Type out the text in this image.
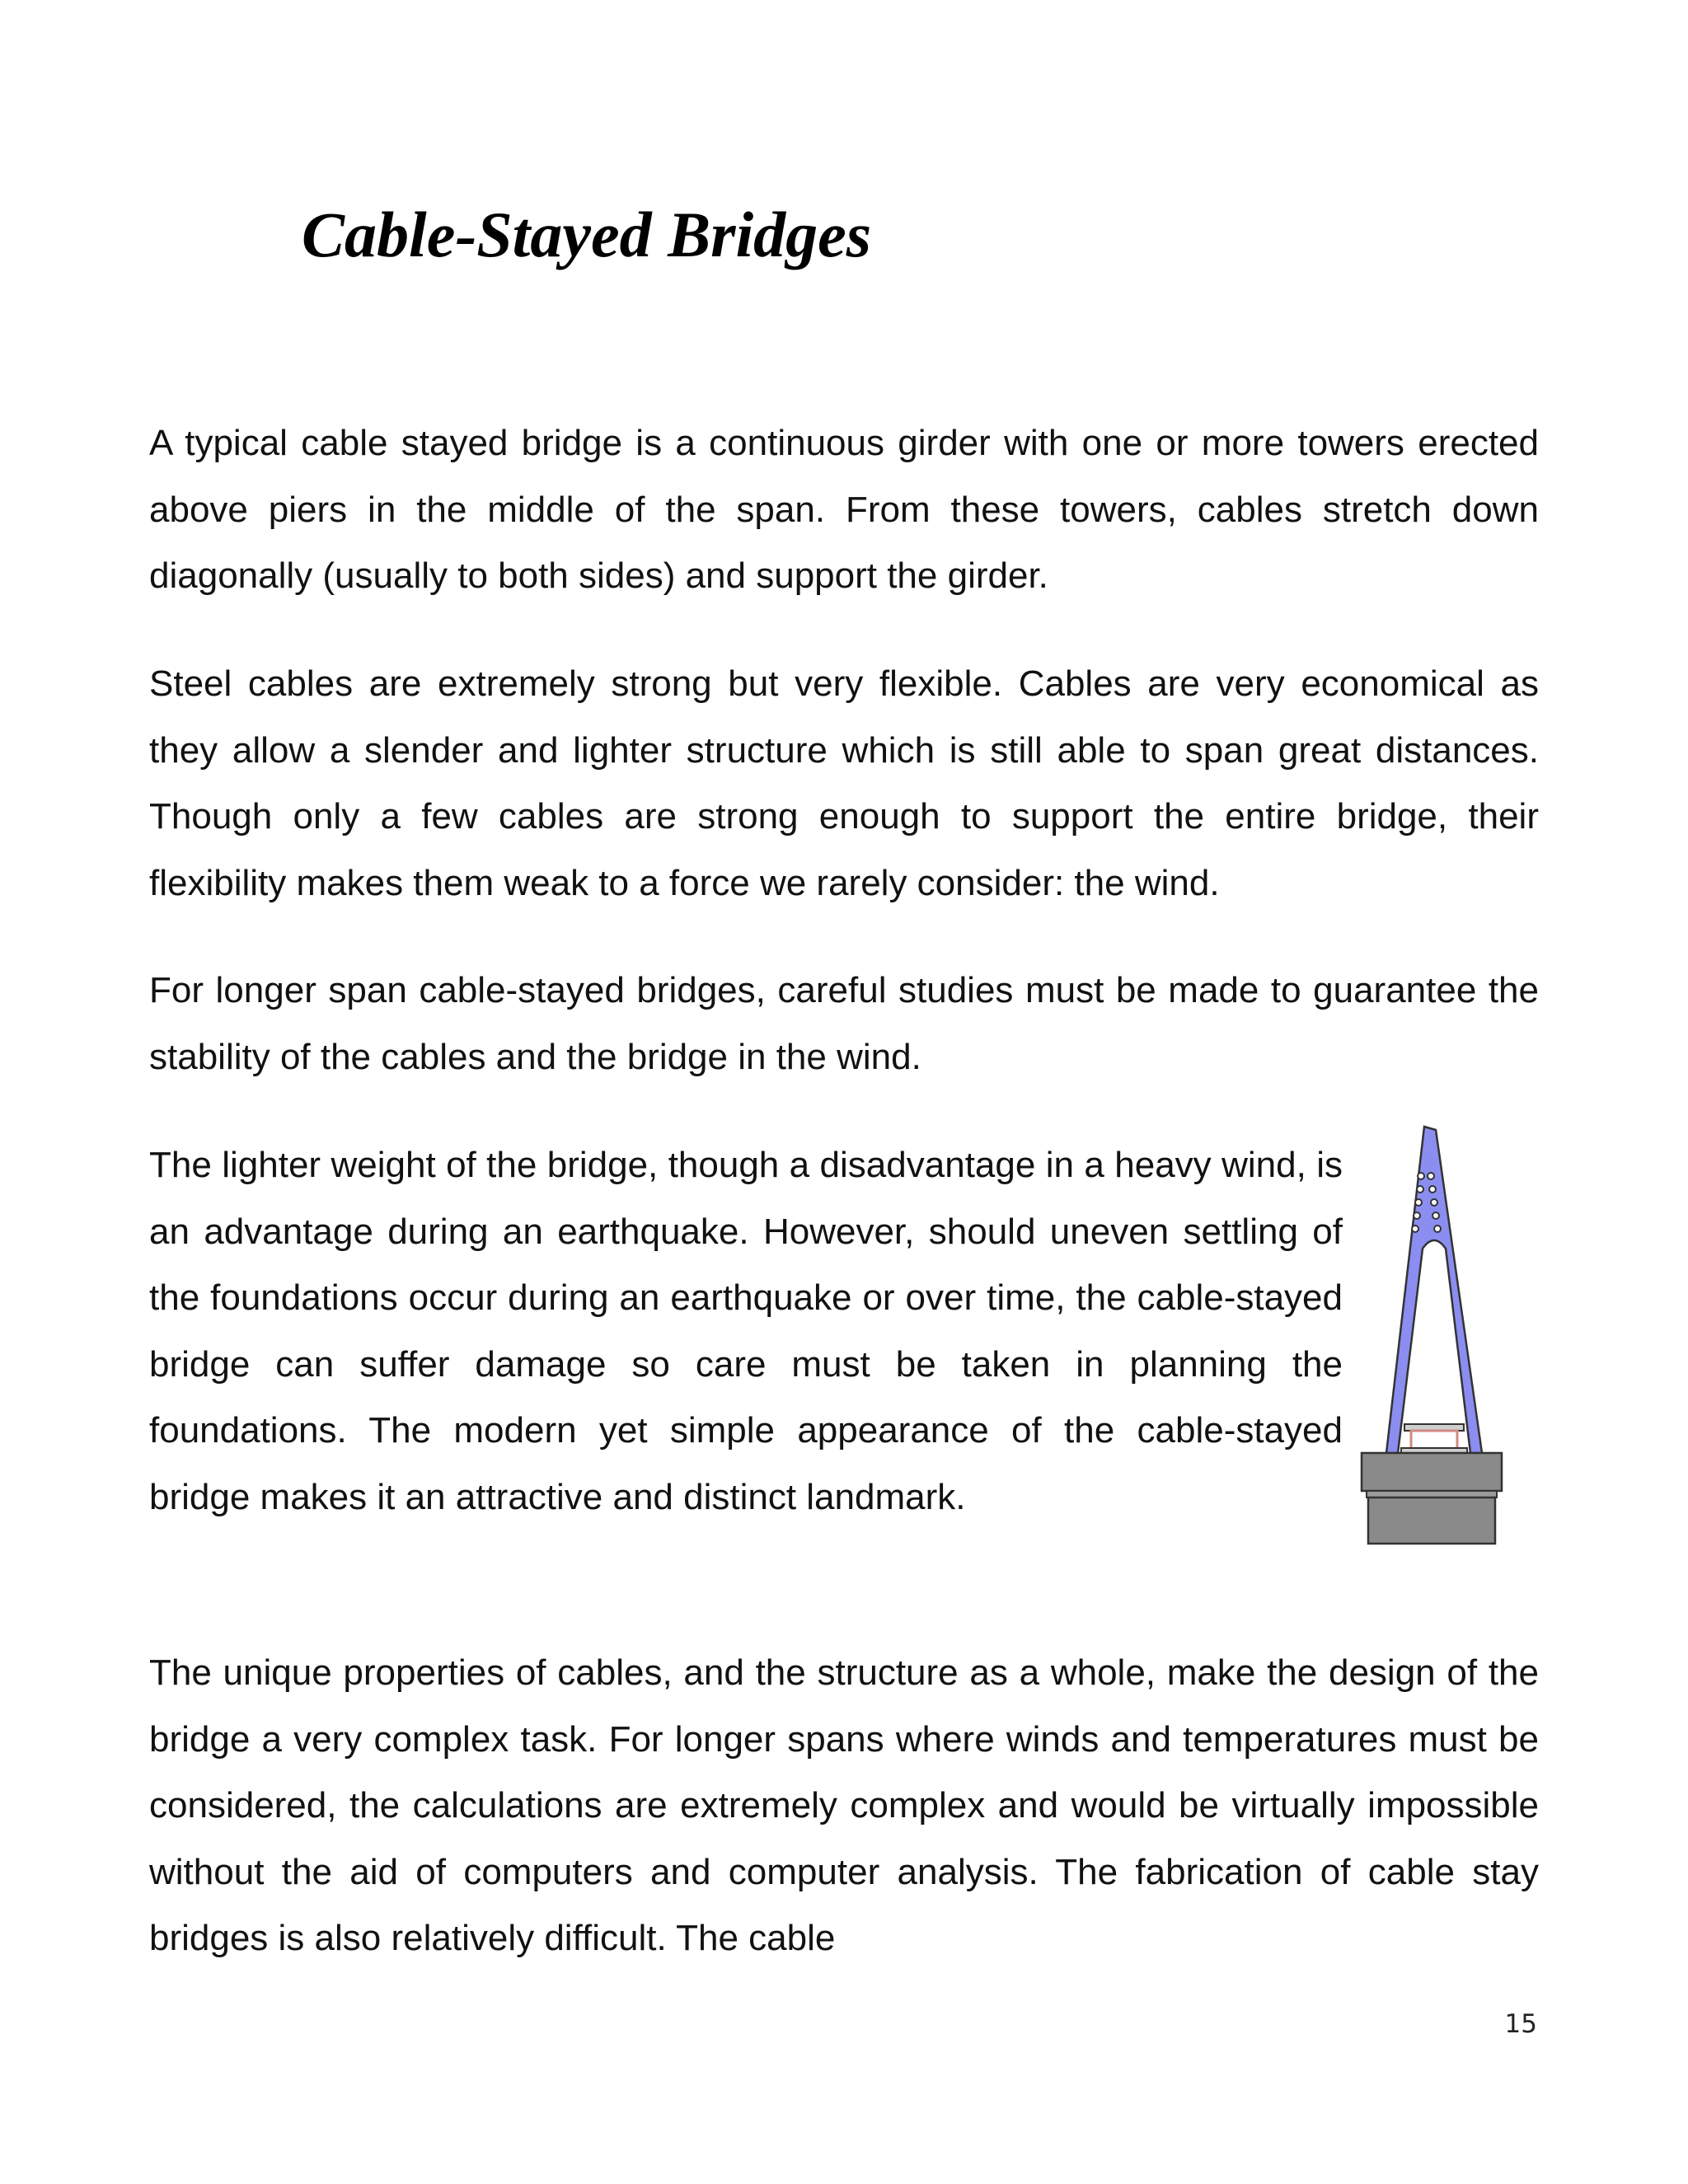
Cable-Stayed Bridges

A typical cable stayed bridge is a continuous girder with one or more towers erected above piers in the middle of the span. From these towers, cables stretch down diagonally (usually to both sides) and support the girder.

Steel cables are extremely strong but very flexible. Cables are very economical as they allow a slender and lighter structure which is still able to span great distances. Though only a few cables are strong enough to support the entire bridge, their flexibility makes them weak to a force we rarely consider: the wind.

For longer span cable-stayed bridges, careful studies must be made to guarantee the stability of the cables and the bridge in the wind.

The lighter weight of the bridge, though a disadvantage in a heavy wind, is an advantage during an earthquake. However, should uneven settling of the foundations occur during an earthquake or over time, the cable-stayed bridge can suffer damage so care must be taken in planning the foundations. The modern yet simple appearance of the cable-stayed bridge makes it an attractive and distinct landmark.

The unique properties of cables, and the structure as a whole, make the design of the bridge a very complex task. For longer spans where winds and temperatures must be considered, the calculations are extremely complex and would be virtually impossible without the aid of computers and computer analysis. The fabrication of cable stay bridges is also relatively difficult. The cable

15
